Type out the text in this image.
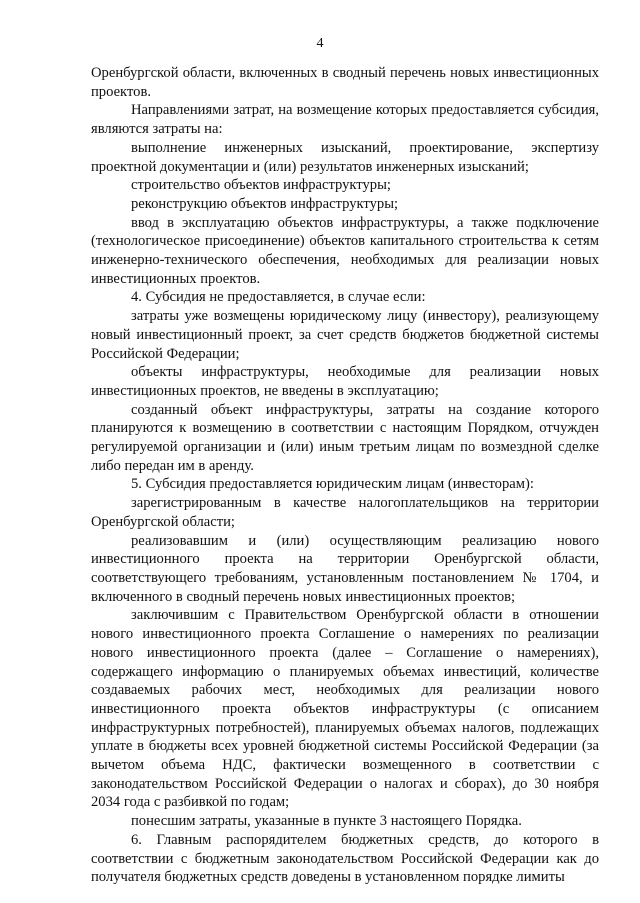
4

Оренбургской области, включенных в сводный перечень новых инвестиционных проектов.

Направлениями затрат, на возмещение которых предоставляется субсидия, являются затраты на:

выполнение инженерных изысканий, проектирование, экспертизу проектной документации и (или) результатов инженерных изысканий;

строительство объектов инфраструктуры;

реконструкцию объектов инфраструктуры;

ввод в эксплуатацию объектов инфраструктуры, а также подключение (технологическое присоединение) объектов капитального строительства к сетям инженерно-технического обеспечения, необходимых для реализации новых инвестиционных проектов.

4. Субсидия не предоставляется, в случае если:

затраты уже возмещены юридическому лицу (инвестору), реализующему новый инвестиционный проект, за счет средств бюджетов бюджетной системы Российской Федерации;

объекты инфраструктуры, необходимые для реализации новых инвестиционных проектов, не введены в эксплуатацию;

созданный объект инфраструктуры, затраты на создание которого планируются к возмещению в соответствии с настоящим Порядком, отчужден регулируемой организации и (или) иным третьим лицам по возмездной сделке либо передан им в аренду.

5. Субсидия предоставляется юридическим лицам (инвесторам):

зарегистрированным в качестве налогоплательщиков на территории Оренбургской области;

реализовавшим и (или) осуществляющим реализацию нового инвестиционного проекта на территории Оренбургской области, соответствующего требованиям, установленным постановлением № 1704, и включенного в сводный перечень новых инвестиционных проектов;

заключившим с Правительством Оренбургской области в отношении нового инвестиционного проекта Соглашение о намерениях по реализации нового инвестиционного проекта (далее – Соглашение о намерениях), содержащего информацию о планируемых объемах инвестиций, количестве создаваемых рабочих мест, необходимых для реализации нового инвестиционного проекта объектов инфраструктуры (с описанием инфраструктурных потребностей), планируемых объемах налогов, подлежащих уплате в бюджеты всех уровней бюджетной системы Российской Федерации (за вычетом объема НДС, фактически возмещенного в соответствии с законодательством Российской Федерации о налогах и сборах), до 30 ноября 2034 года с разбивкой по годам;

понесшим затраты, указанные в пункте 3 настоящего Порядка.

6. Главным распорядителем бюджетных средств, до которого в соответствии с бюджетным законодательством Российской Федерации как до получателя бюджетных средств доведены в установленном порядке лимиты
